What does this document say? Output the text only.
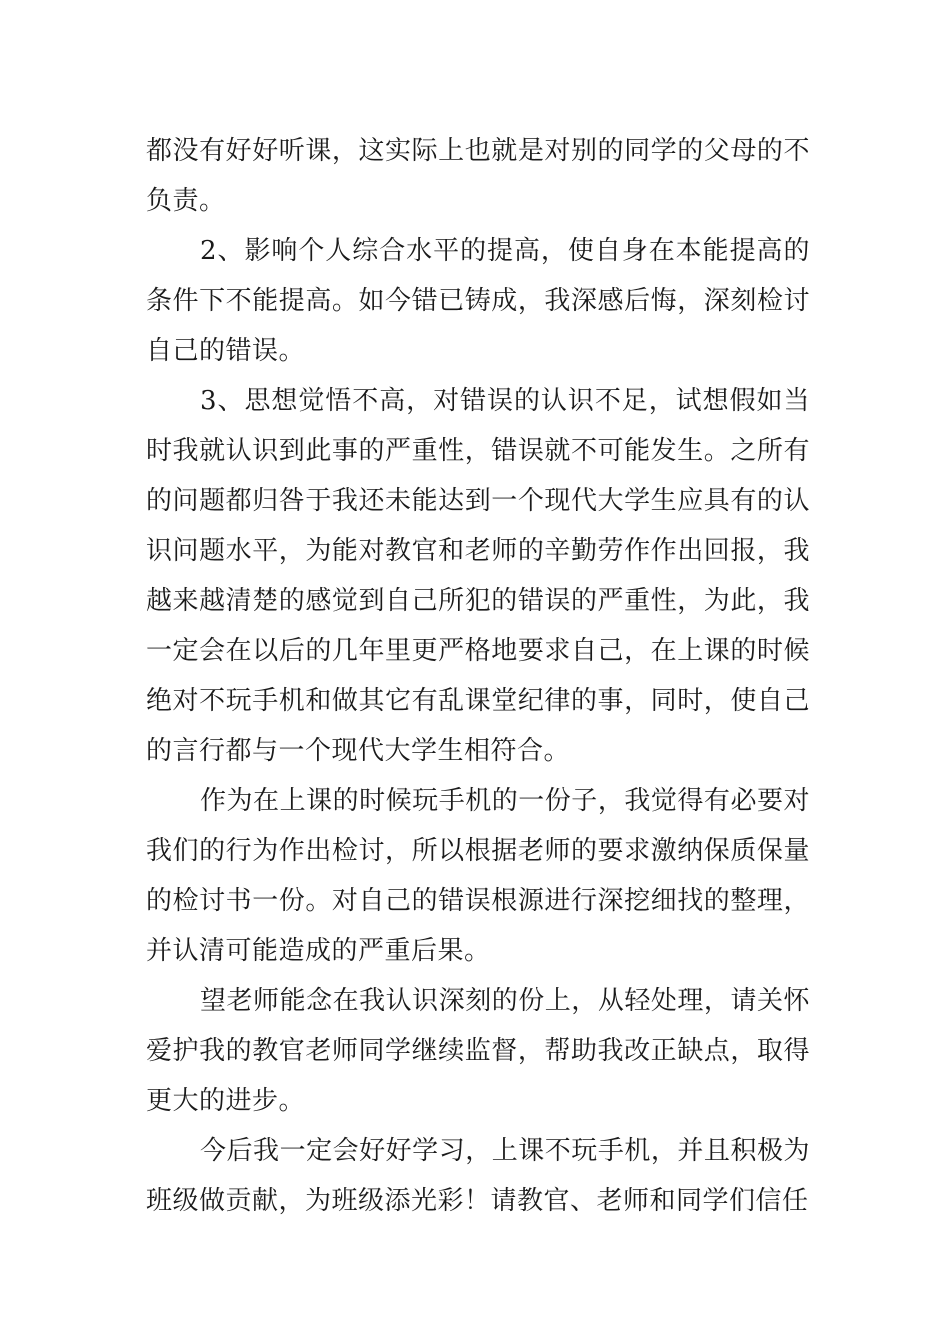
都没有好好听课，这实际上也就是对别的同学的父母的不负责。

2、影响个人综合水平的提高，使自身在本能提高的条件下不能提高。如今错已铸成，我深感后悔，深刻检讨自己的错误。

3、思想觉悟不高，对错误的认识不足，试想假如当时我就认识到此事的严重性，错误就不可能发生。之所有的问题都归咎于我还未能达到一个现代大学生应具有的认识问题水平，为能对教官和老师的辛勤劳作作出回报，我越来越清楚的感觉到自己所犯的错误的严重性，为此，我一定会在以后的几年里更严格地要求自己，在上课的时候绝对不玩手机和做其它有乱课堂纪律的事，同时，使自己的言行都与一个现代大学生相符合。

作为在上课的时候玩手机的一份子，我觉得有必要对我们的行为作出检讨，所以根据老师的要求激纳保质保量的检讨书一份。对自己的错误根源进行深挖细找的整理，并认清可能造成的严重后果。

望老师能念在我认识深刻的份上，从轻处理，请关怀爱护我的教官老师同学继续监督，帮助我改正缺点，取得更大的进步。

今后我一定会好好学习，上课不玩手机，并且积极为班级做贡献，为班级添光彩！请教官、老师和同学们信任
